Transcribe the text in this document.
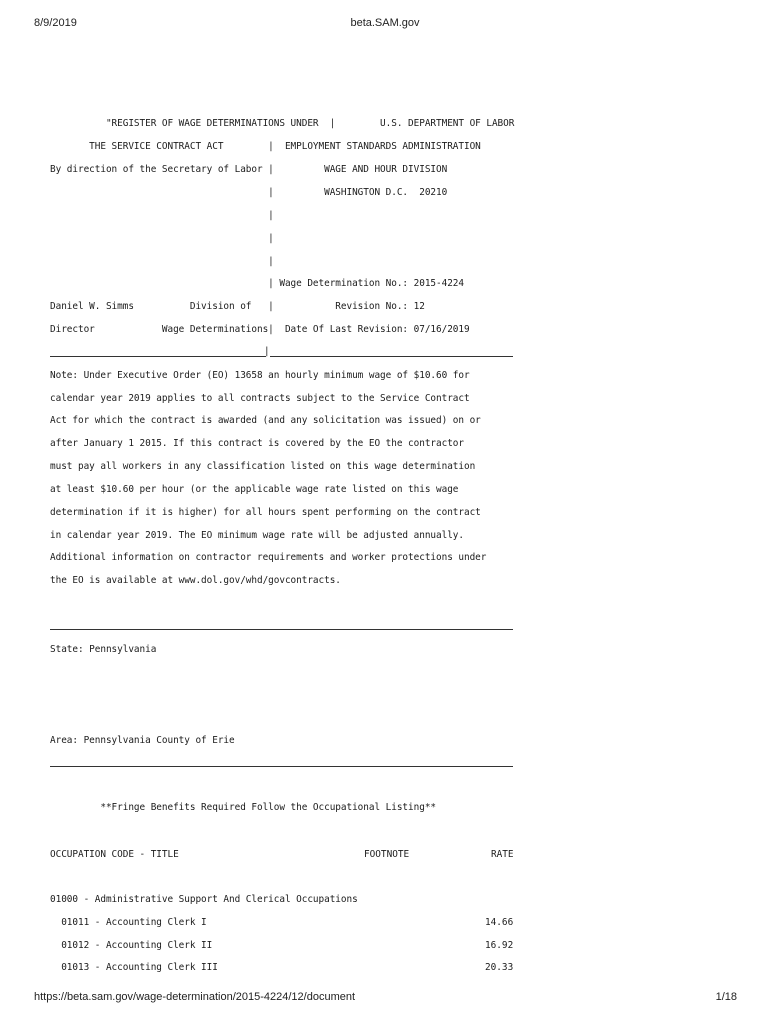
8/9/2019	beta.SAM.gov
"REGISTER OF WAGE DETERMINATIONS UNDER  |        U.S. DEPARTMENT OF LABOR
THE SERVICE CONTRACT ACT        |  EMPLOYMENT STANDARDS ADMINISTRATION
By direction of the Secretary of Labor |         WAGE AND HOUR DIVISION
|         WASHINGTON D.C.  20210
|
|
|
| Wage Determination No.: 2015-4224
Daniel W. Simms          Division of   |           Revision No.: 12
Director            Wage Determinations|  Date Of Last Revision: 07/16/2019
|
Note: Under Executive Order (EO) 13658 an hourly minimum wage of $10.60 for
calendar year 2019 applies to all contracts subject to the Service Contract
Act for which the contract is awarded (and any solicitation was issued) on or
after January 1 2015. If this contract is covered by the EO the contractor
must pay all workers in any classification listed on this wage determination
at least $10.60 per hour (or the applicable wage rate listed on this wage
determination if it is higher) for all hours spent performing on the contract
in calendar year 2019. The EO minimum wage rate will be adjusted annually.
Additional information on contractor requirements and worker protections under
the EO is available at www.dol.gov/whd/govcontracts.
State: Pennsylvania
Area: Pennsylvania County of Erie
**Fringe Benefits Required Follow the Occupational Listing**
OCCUPATION CODE - TITLE	FOOTNOTE	RATE
01000 - Administrative Support And Clerical Occupations
01011 - Accounting Clerk I	14.66
01012 - Accounting Clerk II	16.92
01013 - Accounting Clerk III	20.33
https://beta.sam.gov/wage-determination/2015-4224/12/document	1/18
